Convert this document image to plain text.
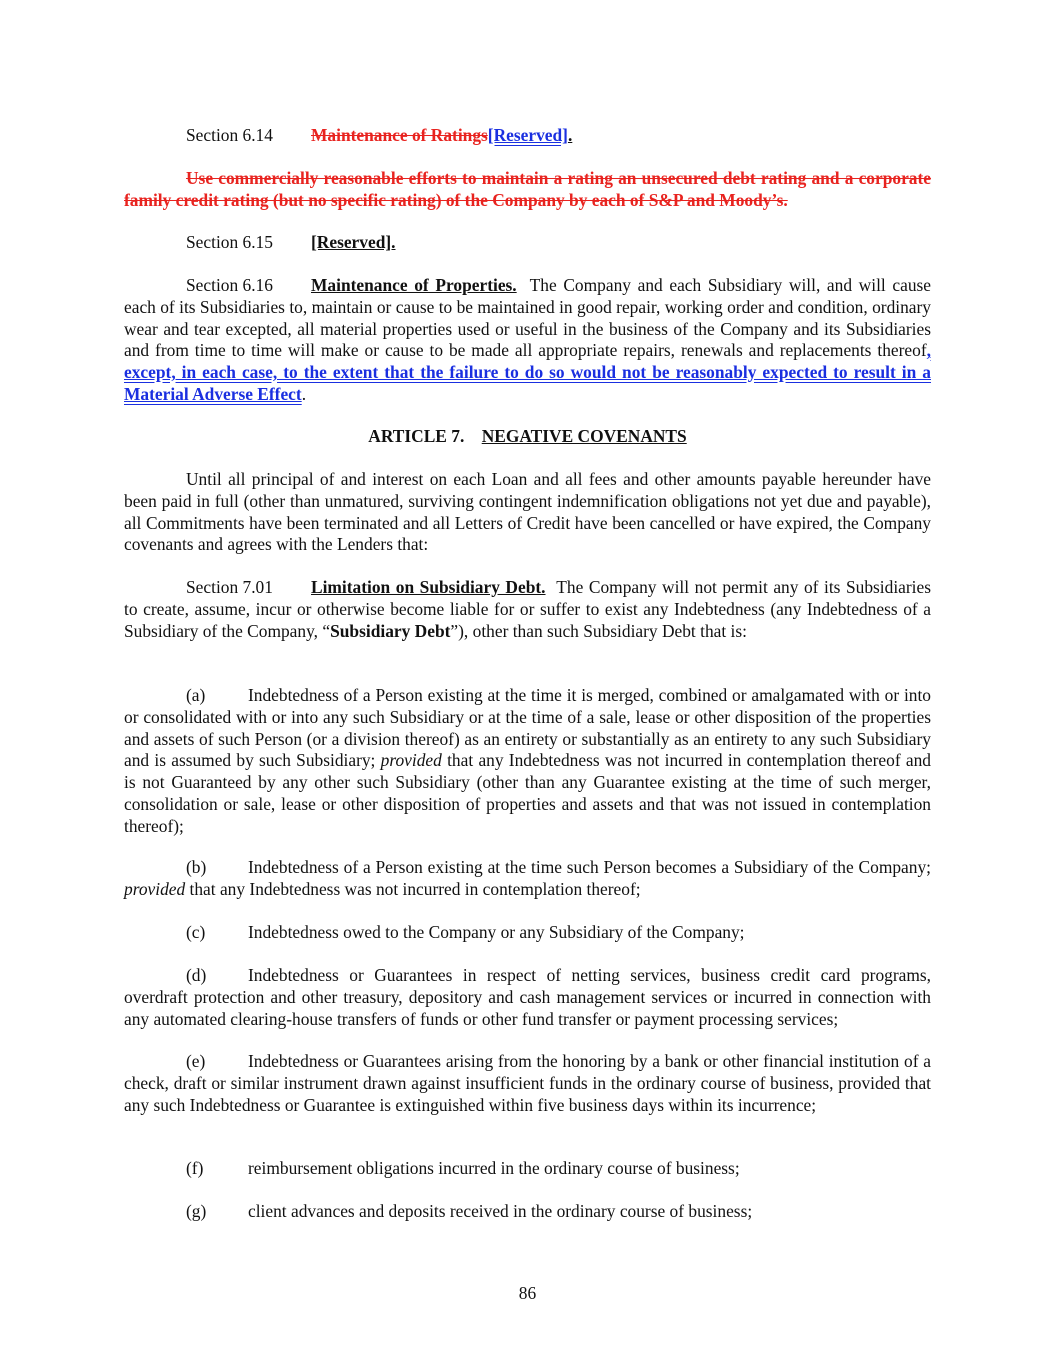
Section 6.14 Maintenance of Ratings[Reserved].

Use commercially reasonable efforts to maintain a rating an unsecured debt rating and a corporate family credit rating (but no specific rating) of the Company by each of S&P and Moody’s.

Section 6.15 [Reserved].

Section 6.16 Maintenance of Properties. The Company and each Subsidiary will, and will cause each of its Subsidiaries to, maintain or cause to be maintained in good repair, working order and condition, ordinary wear and tear excepted, all material properties used or useful in the business of the Company and its Subsidiaries and from time to time will make or cause to be made all appropriate repairs, renewals and replacements thereof, except, in each case, to the extent that the failure to do so would not be reasonably expected to result in a Material Adverse Effect.

ARTICLE 7. NEGATIVE COVENANTS

Until all principal of and interest on each Loan and all fees and other amounts payable hereunder have been paid in full (other than unmatured, surviving contingent indemnification obligations not yet due and payable), all Commitments have been terminated and all Letters of Credit have been cancelled or have expired, the Company covenants and agrees with the Lenders that:

Section 7.01 Limitation on Subsidiary Debt. The Company will not permit any of its Subsidiaries to create, assume, incur or otherwise become liable for or suffer to exist any Indebtedness (any Indebtedness of a Subsidiary of the Company, “Subsidiary Debt”), other than such Subsidiary Debt that is:

(a) Indebtedness of a Person existing at the time it is merged, combined or amalgamated with or into or consolidated with or into any such Subsidiary or at the time of a sale, lease or other disposition of the properties and assets of such Person (or a division thereof) as an entirety or substantially as an entirety to any such Subsidiary and is assumed by such Subsidiary; provided that any Indebtedness was not incurred in contemplation thereof and is not Guaranteed by any other such Subsidiary (other than any Guarantee existing at the time of such merger, consolidation or sale, lease or other disposition of properties and assets and that was not issued in contemplation thereof);

(b) Indebtedness of a Person existing at the time such Person becomes a Subsidiary of the Company; provided that any Indebtedness was not incurred in contemplation thereof;

(c) Indebtedness owed to the Company or any Subsidiary of the Company;

(d) Indebtedness or Guarantees in respect of netting services, business credit card programs, overdraft protection and other treasury, depository and cash management services or incurred in connection with any automated clearing-house transfers of funds or other fund transfer or payment processing services;

(e) Indebtedness or Guarantees arising from the honoring by a bank or other financial institution of a check, draft or similar instrument drawn against insufficient funds in the ordinary course of business, provided that any such Indebtedness or Guarantee is extinguished within five business days within its incurrence;

(f)	reimbursement obligations incurred in the ordinary course of business;

(g) client advances and deposits received in the ordinary course of business;

86
